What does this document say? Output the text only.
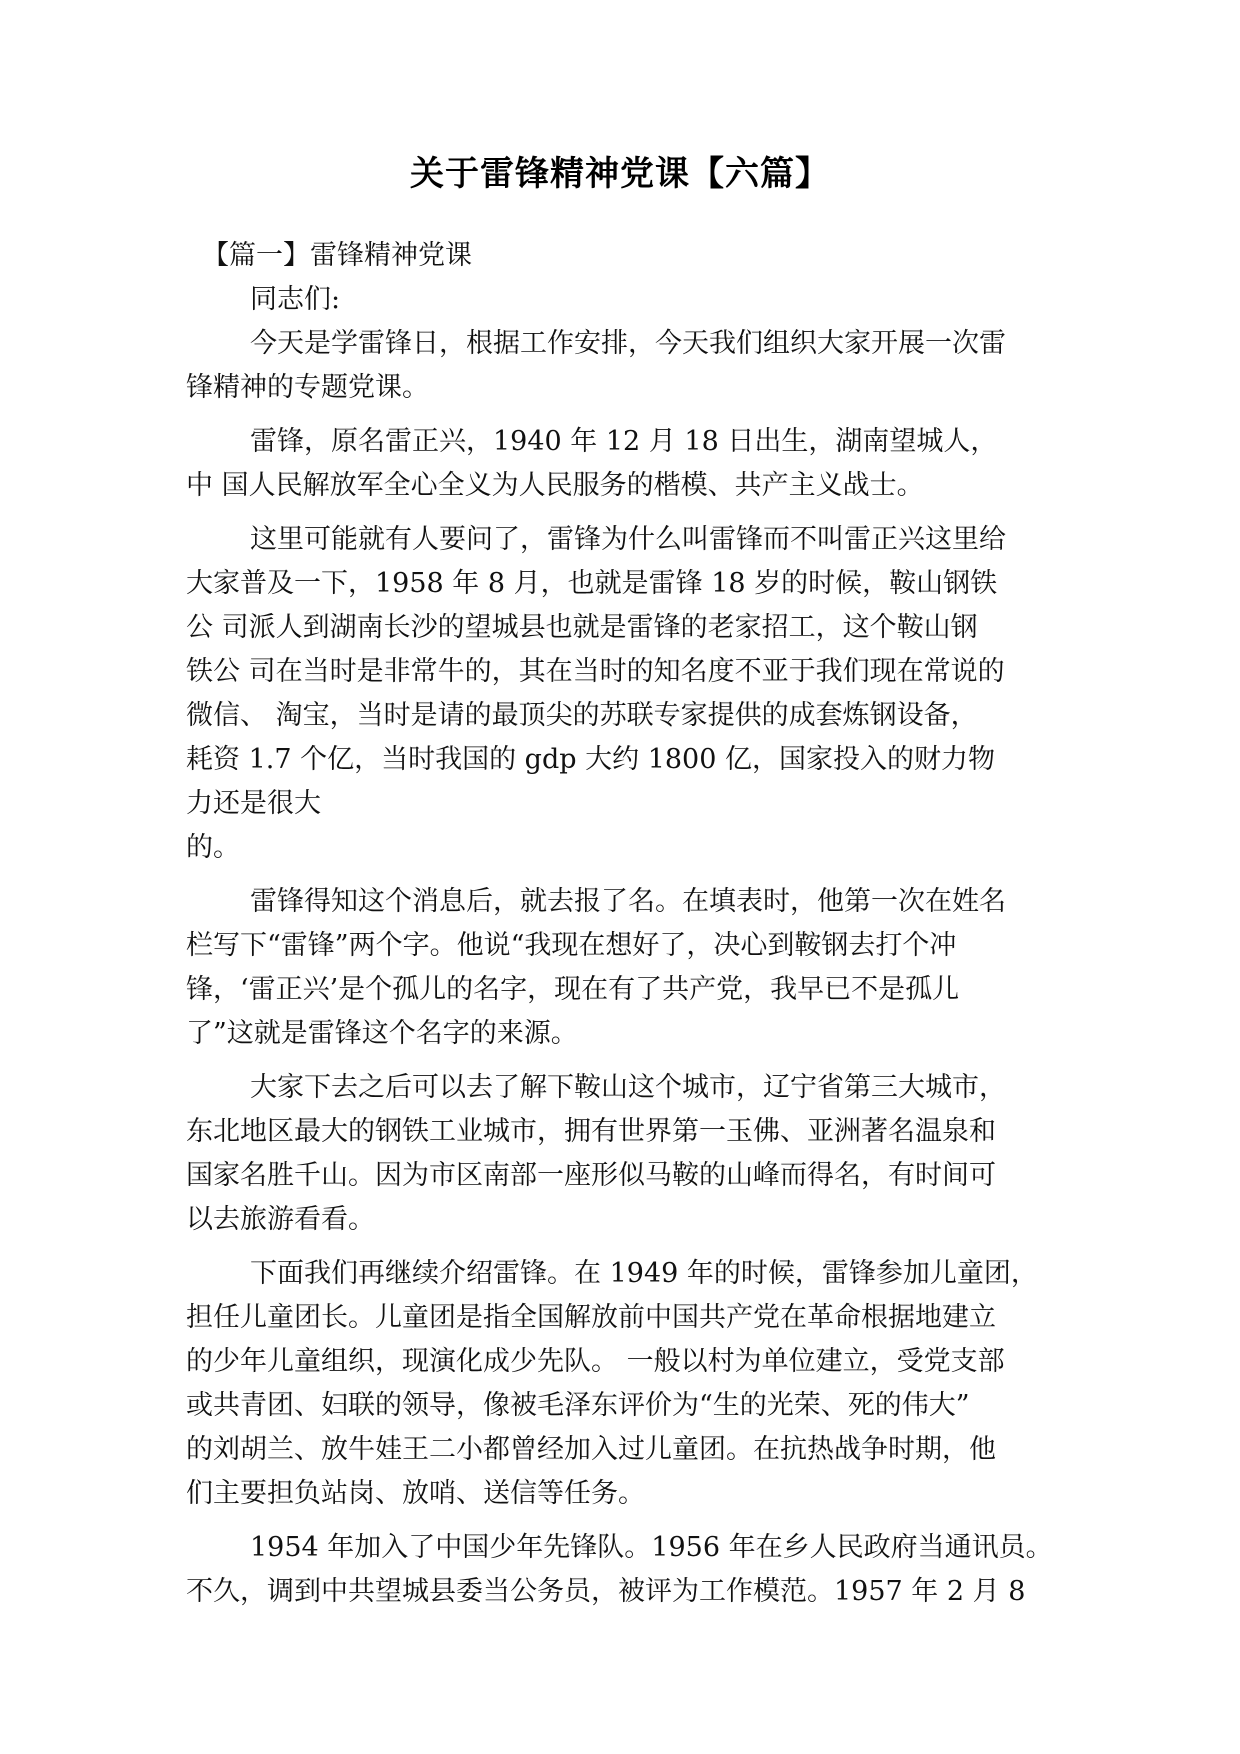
关于雷锋精神党课【六篇】
【篇一】雷锋精神党课
同志们:
今天是学雷锋日，根据工作安排，今天我们组织大家开展一次雷
锋精神的专题党课。
雷锋，原名雷正兴，1940 年 12 月 18 日出生，湖南望城人，
中 国人民解放军全心全义为人民服务的楷模、共产主义战士。
这里可能就有人要问了，雷锋为什么叫雷锋而不叫雷正兴这里给
大家普及一下，1958 年 8 月，也就是雷锋 18 岁的时候，鞍山钢铁
公 司派人到湖南长沙的望城县也就是雷锋的老家招工，这个鞍山钢
铁公 司在当时是非常牛的，其在当时的知名度不亚于我们现在常说的
微信、 淘宝，当时是请的最顶尖的苏联专家提供的成套炼钢设备，
耗资 1.7 个亿，当时我国的 gdp 大约 1800 亿，国家投入的财力物
力还是很大
的。
雷锋得知这个消息后，就去报了名。在填表时，他第一次在姓名
栏写下“雷锋”两个字。他说“我现在想好了，决心到鞍钢去打个冲
锋，‘雷正兴’是个孤儿的名字，现在有了共产党，我早已不是孤儿
了”这就是雷锋这个名字的来源。
大家下去之后可以去了解下鞍山这个城市，辽宁省第三大城市，
东北地区最大的钢铁工业城市，拥有世界第一玉佛、亚洲著名温泉和
国家名胜千山。因为市区南部一座形似马鞍的山峰而得名，有时间可
以去旅游看看。
下面我们再继续介绍雷锋。在 1949 年的时候，雷锋参加儿童团，
担任儿童团长。儿童团是指全国解放前中国共产党在革命根据地建立
的少年儿童组织，现演化成少先队。 一般以村为单位建立，受党支部
或共青团、妇联的领导，像被毛泽东评价为“生的光荣、死的伟大”
的刘胡兰、放牛娃王二小都曾经加入过儿童团。在抗热战争时期，他
们主要担负站岗、放哨、送信等任务。
1954 年加入了中国少年先锋队。1956 年在乡人民政府当通讯员。
不久，调到中共望城县委当公务员，被评为工作模范。1957 年 2 月 8
